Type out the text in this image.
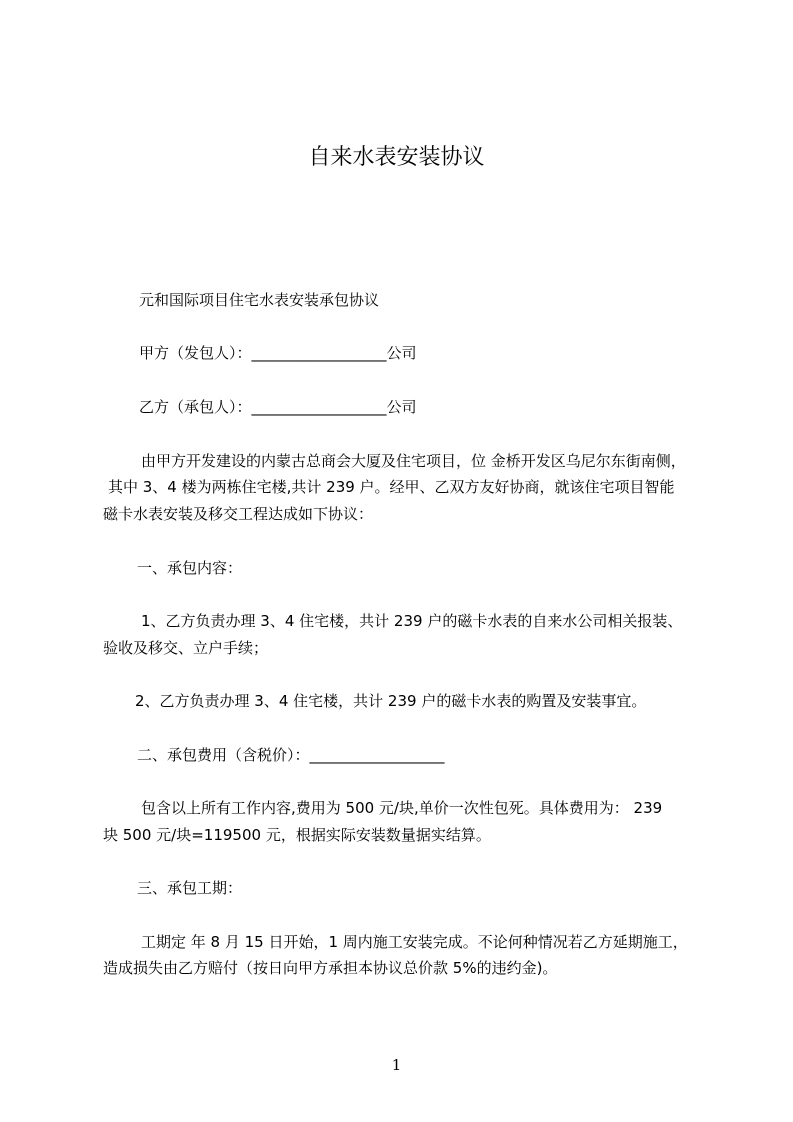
自来水表安装协议
元和国际项目住宅水表安装承包协议
甲方（发包人）：__________________公司
乙方（承包人）：__________________公司
由甲方开发建设的内蒙古总商会大厦及住宅项目，位 金桥开发区乌尼尔东街南侧，
其中 3、4 楼为两栋住宅楼,共计 239 户。经甲、乙双方友好协商，就该住宅项目智能
磁卡水表安装及移交工程达成如下协议：
一、承包内容：
1、乙方负责办理 3、4 住宅楼，共计 239 户的磁卡水表的自来水公司相关报装、
验收及移交、立户手续；
2、乙方负责办理 3、4 住宅楼，共计 239 户的磁卡水表的购置及安装事宜。
二、承包费用（含税价）：__________________
包含以上所有工作内容,费用为 500 元/块,单价一次性包死。具体费用为： 239
块 500 元/块=119500 元，根据实际安装数量据实结算。
三、承包工期：
工期定 年 8 月 15 日开始，1 周内施工安装完成。不论何种情况若乙方延期施工，
造成损失由乙方赔付（按日向甲方承担本协议总价款 5%的违约金)。
1
